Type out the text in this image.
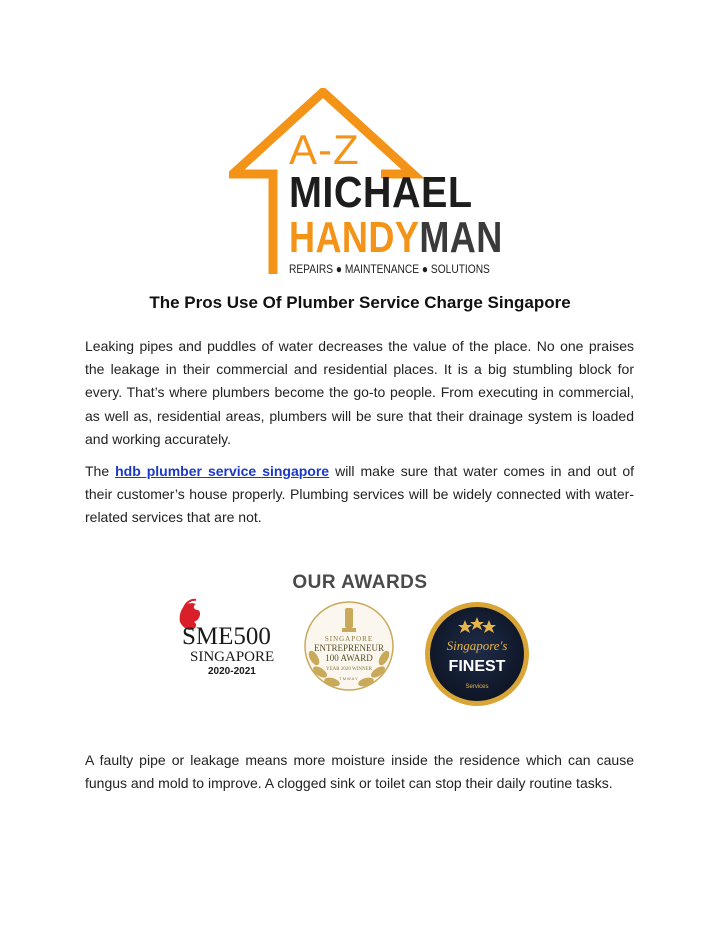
A-Z
MICHAEL
HANDYMAN
REPAIRS ● MAINTENANCE ● SOLUTIONS
The Pros Use Of Plumber Service Charge Singapore

Leaking pipes and puddles of water decreases the value of the place. No one praises the leakage in their commercial and residential places. It is a big stumbling block for every. That’s where plumbers become the go-to people. From executing in commercial, as well as, residential areas, plumbers will be sure that their drainage system is loaded and working accurately.

The hdb plumber service singapore will make sure that water comes in and out of their customer’s house properly. Plumbing services will be widely connected with water-related services that are not.

OUR AWARDS
SME500
SINGAPORE
2020-2021
SINGAPORE
ENTREPRENEUR
100 AWARD
YEAR 2020 WINNER
TMWAY
Singapore's
FINEST
Services

A faulty pipe or leakage means more moisture inside the residence which can cause fungus and mold to improve. A clogged sink or toilet can stop their daily routine tasks.
